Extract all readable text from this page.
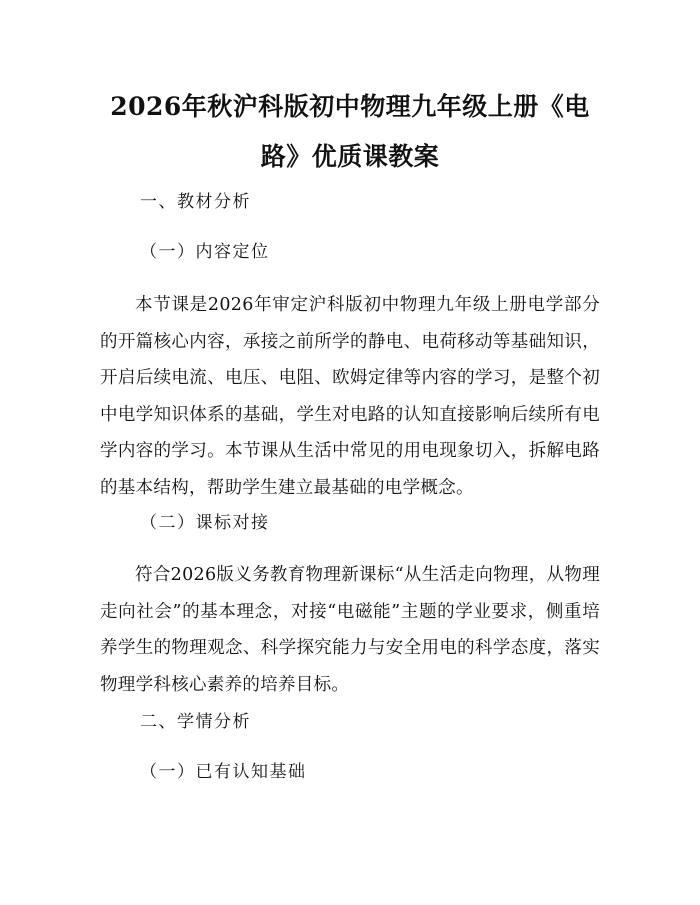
2026年秋沪科版初中物理九年级上册《电路》优质课教案

一、教材分析

（一）内容定位

本节课是2026年审定沪科版初中物理九年级上册电学部分的开篇核心内容，承接之前所学的静电、电荷移动等基础知识，开启后续电流、电压、电阻、欧姆定律等内容的学习，是整个初中电学知识体系的基础，学生对电路的认知直接影响后续所有电学内容的学习。本节课从生活中常见的用电现象切入，拆解电路的基本结构，帮助学生建立最基础的电学概念。

（二）课标对接

符合2026版义务教育物理新课标“从生活走向物理，从物理走向社会”的基本理念，对接“电磁能”主题的学业要求，侧重培养学生的物理观念、科学探究能力与安全用电的科学态度，落实物理学科核心素养的培养目标。

二、学情分析

（一）已有认知基础
